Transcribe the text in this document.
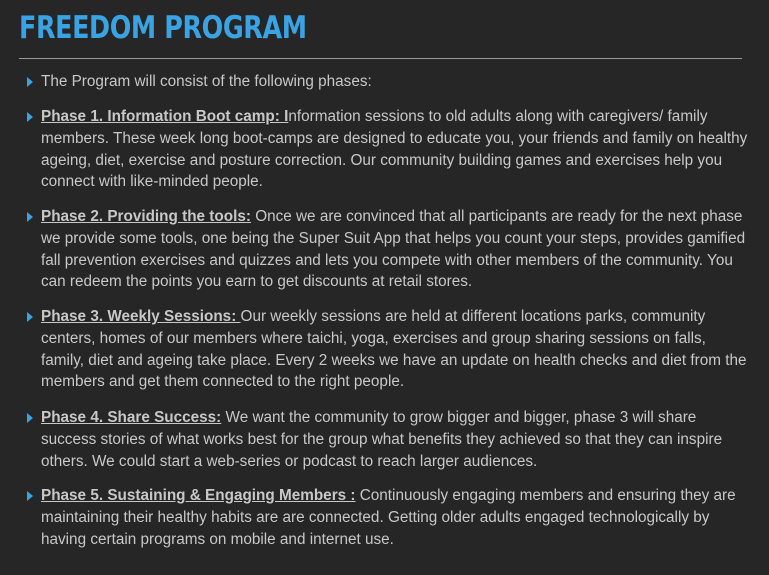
FREEDOM PROGRAM
The Program will consist of the following phases:
Phase 1. Information Boot camp: Information sessions to old adults along with caregivers/ family members. These week long boot-camps are designed to educate you, your friends and family on healthy ageing, diet, exercise and posture correction. Our community building games and exercises help you connect with like-minded people.
Phase 2. Providing the tools: Once we are convinced that all participants are ready for the next phase we provide some tools, one being the Super Suit App that helps you count your steps, provides gamified fall prevention exercises and quizzes and lets you compete with other members of the community. You can redeem the points you earn to get discounts at retail stores.
Phase 3. Weekly Sessions: Our weekly sessions are held at different locations parks, community centers, homes of our members where taichi, yoga, exercises and group sharing sessions on falls, family, diet and ageing take place. Every 2 weeks we have an update on health checks and diet from the members and get them connected to the right people.
Phase 4. Share Success: We want the community to grow bigger and bigger, phase 3 will share success stories of what works best for the group what benefits they achieved so that they can inspire others. We could start a web-series or podcast to reach larger audiences.
Phase 5. Sustaining & Engaging Members : Continuously engaging members and ensuring they are maintaining their healthy habits are are connected. Getting older adults engaged technologically by having certain programs on mobile and internet use.
